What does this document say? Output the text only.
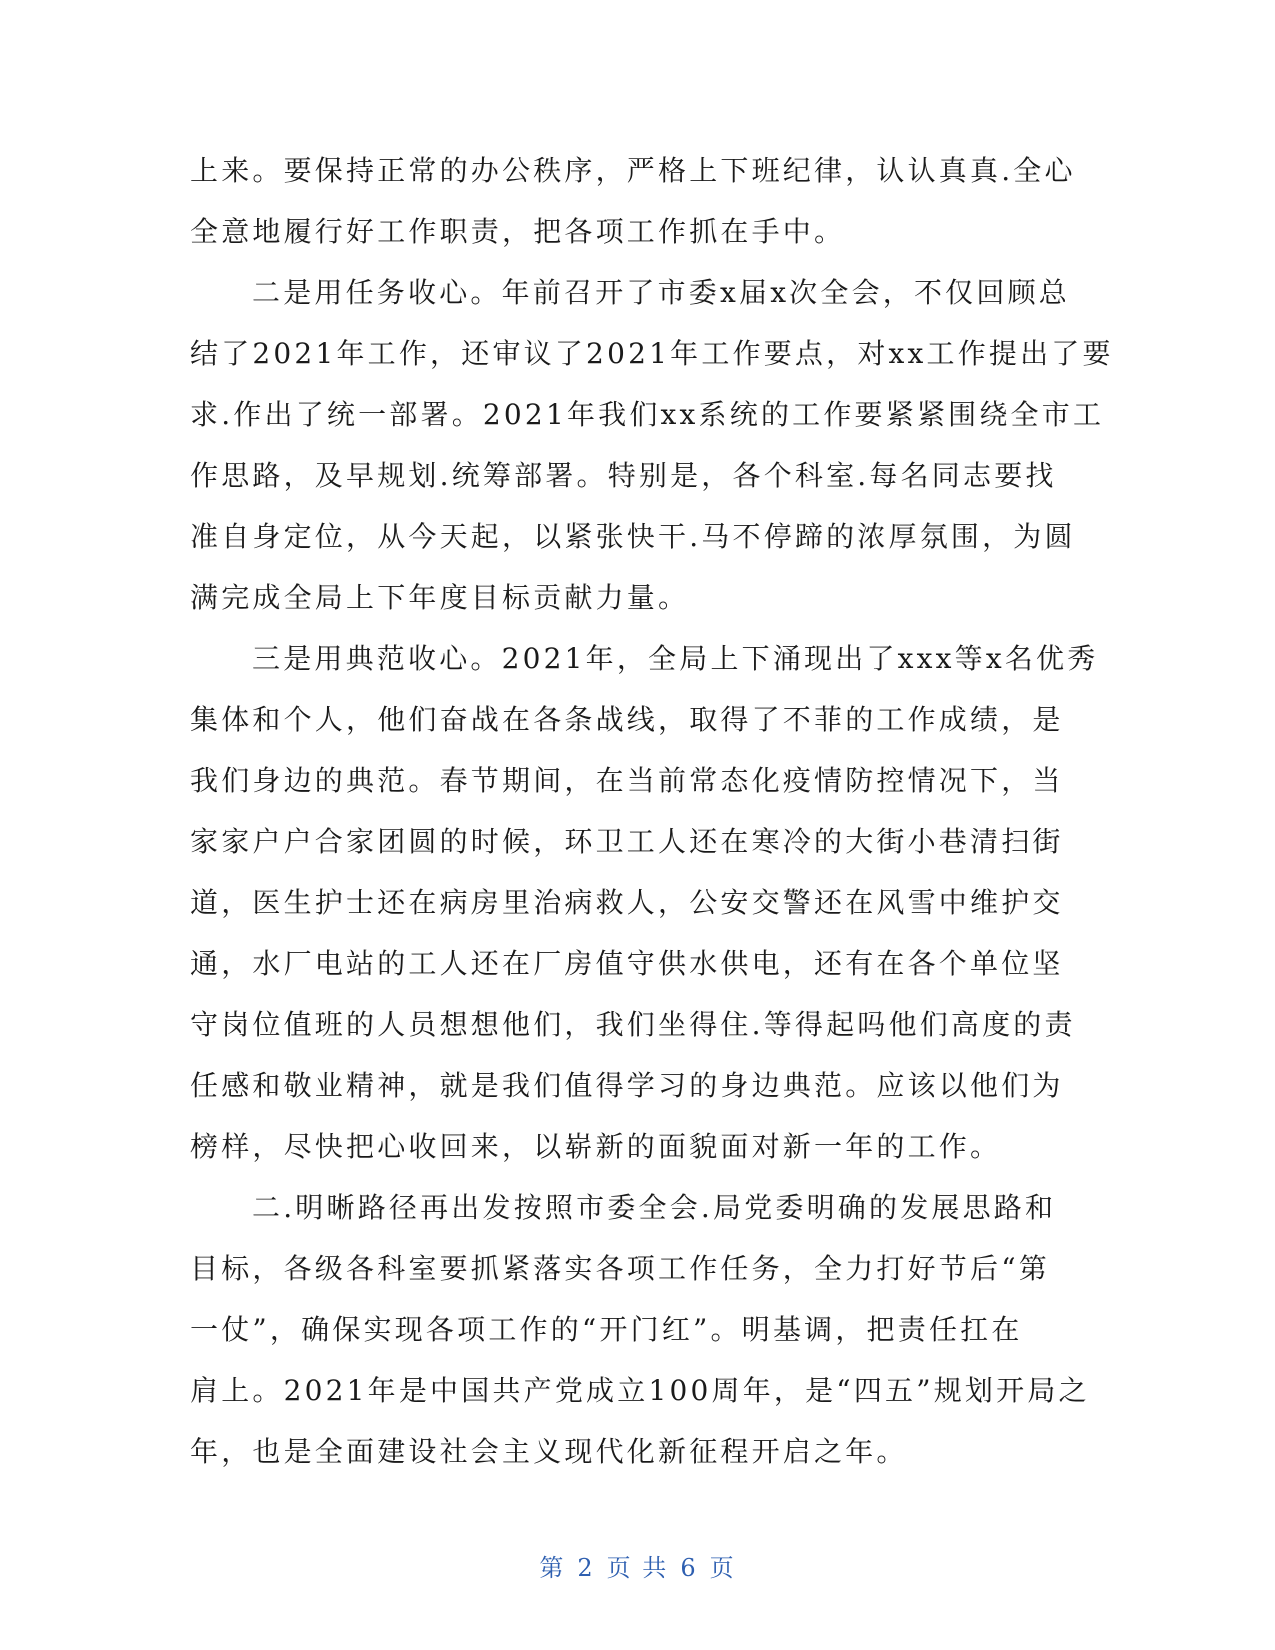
上来。要保持正常的办公秩序，严格上下班纪律，认认真真.全心
全意地履行好工作职责，把各项工作抓在手中。
二是用任务收心。年前召开了市委x届x次全会，不仅回顾总
结了2021年工作，还审议了2021年工作要点，对xx工作提出了要
求.作出了统一部署。2021年我们xx系统的工作要紧紧围绕全市工
作思路，及早规划.统筹部署。特别是，各个科室.每名同志要找
准自身定位，从今天起，以紧张快干.马不停蹄的浓厚氛围，为圆
满完成全局上下年度目标贡献力量。
三是用典范收心。2021年，全局上下涌现出了xxx等x名优秀
集体和个人，他们奋战在各条战线，取得了不菲的工作成绩，是
我们身边的典范。春节期间，在当前常态化疫情防控情况下，当
家家户户合家团圆的时候，环卫工人还在寒冷的大街小巷清扫街
道，医生护士还在病房里治病救人，公安交警还在风雪中维护交
通，水厂电站的工人还在厂房值守供水供电，还有在各个单位坚
守岗位值班的人员想想他们，我们坐得住.等得起吗他们高度的责
任感和敬业精神，就是我们值得学习的身边典范。应该以他们为
榜样，尽快把心收回来，以崭新的面貌面对新一年的工作。
二.明晰路径再出发按照市委全会.局党委明确的发展思路和
目标，各级各科室要抓紧落实各项工作任务，全力打好节后“第
一仗”，确保实现各项工作的“开门红”。明基调，把责任扛在
肩上。2021年是中国共产党成立100周年，是“四五”规划开局之
年，也是全面建设社会主义现代化新征程开启之年。
第 2 页 共 6 页
